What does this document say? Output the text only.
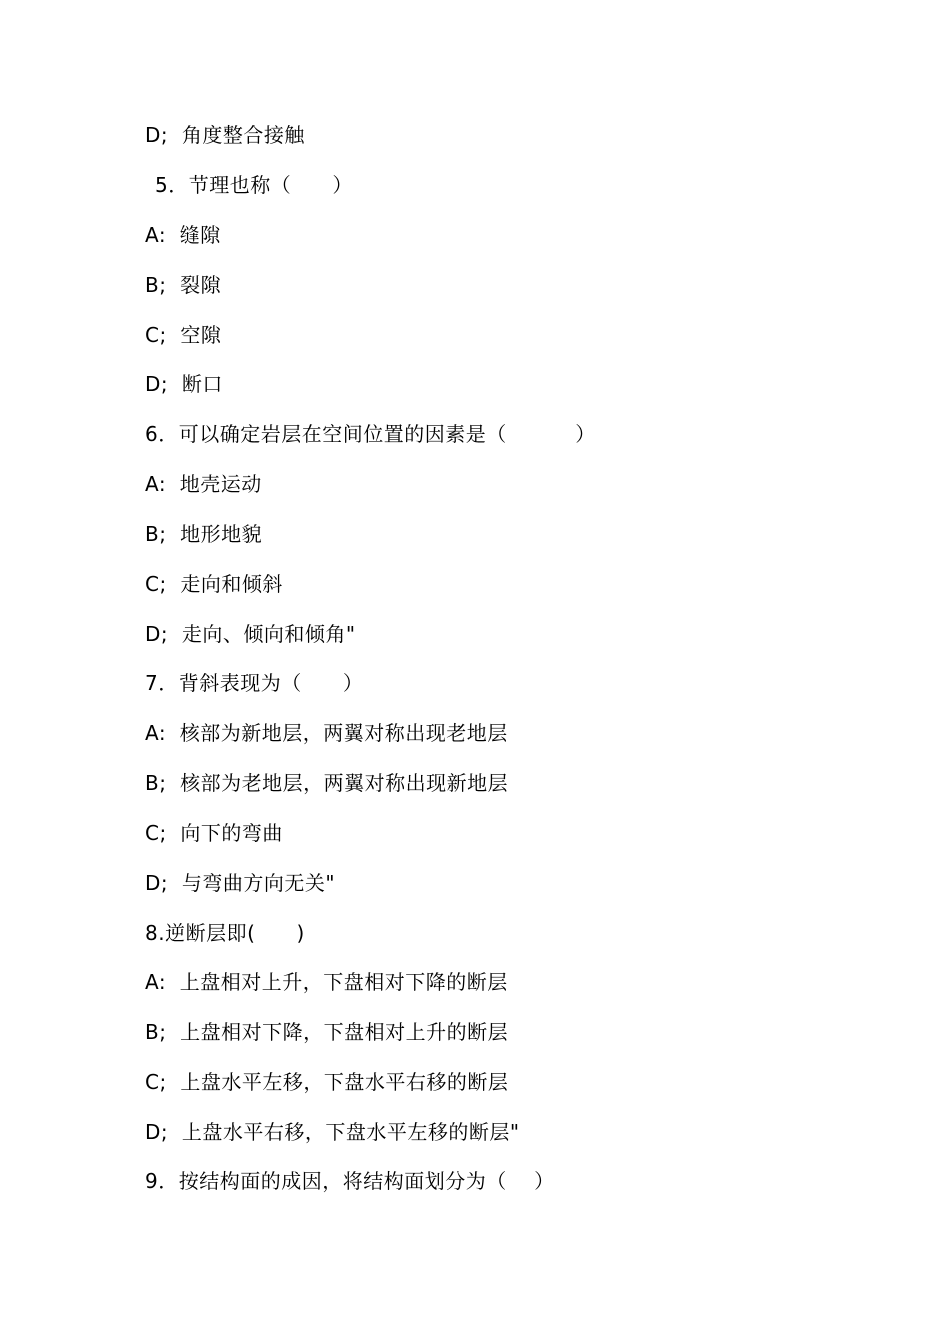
D;  角度整合接触
5．节理也称（      ）
A:  缝隙
B;  裂隙
C;  空隙
D;  断口
6．可以确定岩层在空间位置的因素是（          ）
A:  地壳运动
B;  地形地貌
C;  走向和倾斜
D;  走向、倾向和倾角"
7．背斜表现为（      ）
A:  核部为新地层，两翼对称出现老地层
B;  核部为老地层，两翼对称出现新地层
C;  向下的弯曲
D;  与弯曲方向无关"
8.逆断层即(      )
A:  上盘相对上升，下盘相对下降的断层
B;  上盘相对下降，下盘相对上升的断层
C;  上盘水平左移，下盘水平右移的断层
D;  上盘水平右移，下盘水平左移的断层"
9．按结构面的成因，将结构面划分为（    ）
